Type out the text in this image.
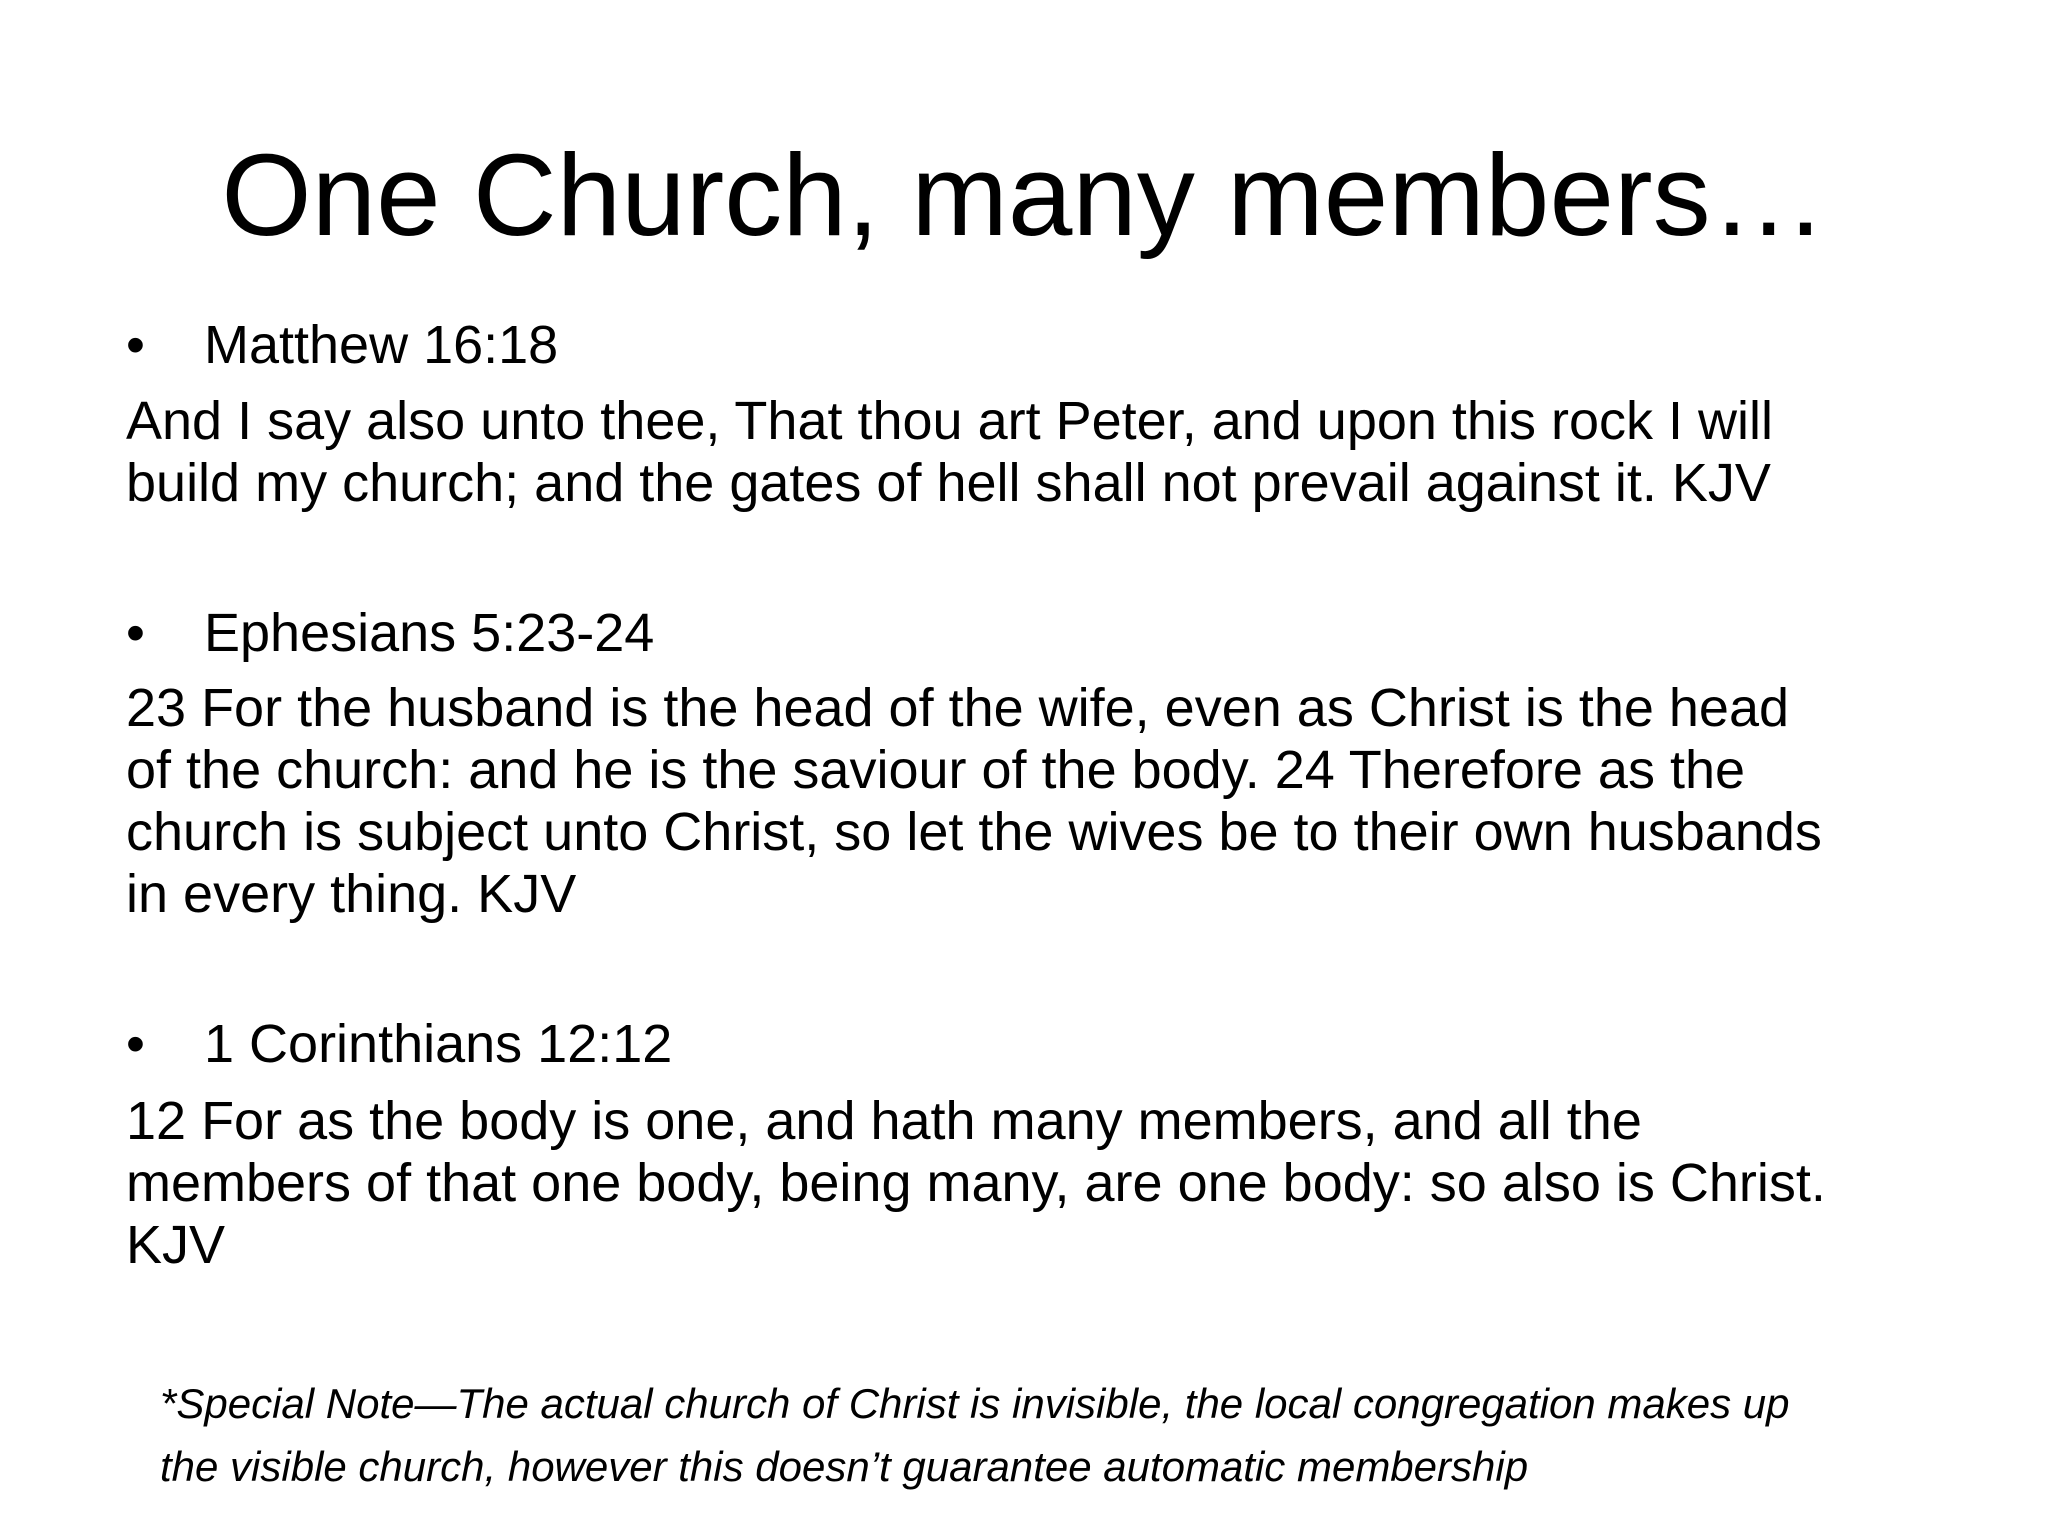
One Church, many members…
• Matthew 16:18

And I say also unto thee, That thou art Peter, and upon this rock I will
build my church; and the gates of hell shall not prevail against it. KJV

• Ephesians 5:23-24

23 For the husband is the head of the wife, even as Christ is the head
of the church: and he is the saviour of the body. 24 Therefore as the
church is subject unto Christ, so let the wives be to their own husbands
in every thing. KJV

• 1 Corinthians 12:12

12 For as the body is one, and hath many members, and all the
members of that one body, being many, are one body: so also is Christ.
KJV

*Special Note—The actual church of Christ is invisible, the local congregation makes up
the visible church, however this doesn’t guarantee automatic membership
